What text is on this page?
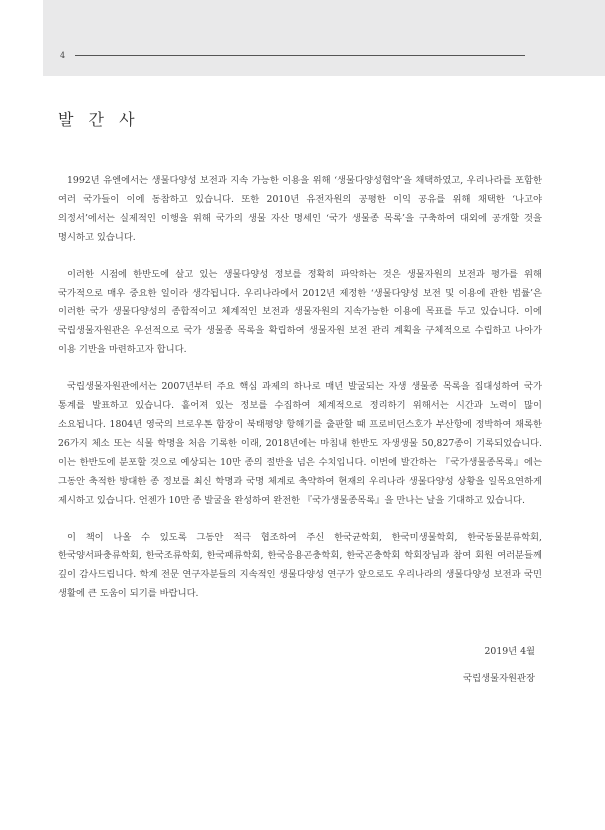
4
발 간 사

1992년 유엔에서는 생물다양성 보전과 지속 가능한 이용을 위해 ‘생물다양성협약’을 채택하였고, 우리나라를 포함한 여러 국가들이 이에 동참하고 있습니다. 또한 2010년 유전자원의 공평한 이익 공유를 위해 채택한 ‘나고야 의정서’에서는 실제적인 이행을 위해 국가의 생물 자산 명세인 ‘국가 생물종 목록’을 구축하여 대외에 공개할 것을 명시하고 있습니다.

이러한 시점에 한반도에 살고 있는 생물다양성 정보를 정확히 파악하는 것은 생물자원의 보전과 평가를 위해 국가적으로 매우 중요한 일이라 생각됩니다. 우리나라에서 2012년 제정한 ‘생물다양성 보전 및 이용에 관한 법률’은 이러한 국가 생물다양성의 종합적이고 체계적인 보전과 생물자원의 지속가능한 이용에 목표를 두고 있습니다. 이에 국립생물자원관은 우선적으로 국가 생물종 목록을 확립하여 생물자원 보전 관리 계획을 구체적으로 수립하고 나아가 이용 기반을 마련하고자 합니다.

국립생물자원관에서는 2007년부터 주요 핵심 과제의 하나로 매년 발굴되는 자생 생물종 목록을 집대성하여 국가 통계를 발표하고 있습니다. 흩어져 있는 정보를 수집하여 체계적으로 정리하기 위해서는 시간과 노력이 많이 소요됩니다. 1804년 영국의 브로우톤 함장이 북태평양 항해기를 출판할 때 프로비던스호가 부산항에 정박하여 채록한 26가지 체소 또는 식물 학명을 처음 기록한 이래, 2018년에는 마침내 한반도 자생생물 50,827종이 기록되었습니다. 이는 한반도에 분포할 것으로 예상되는 10만 종의 절반을 넘은 수치입니다. 이번에 발간하는 『국가생물종목록』에는 그동안 축적한 방대한 종 정보를 최신 학명과 국명 체계로 축약하여 현재의 우리나라 생물다양성 상황을 일목요연하게 제시하고 있습니다. 언젠가 10만 종 발굴을 완성하여 완전한 『국가생물종목록』을 만나는 날을 기대하고 있습니다.

이 책이 나올 수 있도록 그동안 적극 협조하여 주신 한국균학회, 한국미생물학회, 한국동물분류학회, 한국양서파충류학회, 한국조류학회, 한국패류학회, 한국응용곤충학회, 한국곤충학회 학회장님과 참여 회원 여러분들께 깊이 감사드립니다. 학계 전문 연구자분들의 지속적인 생물다양성 연구가 앞으로도 우리나라의 생물다양성 보전과 국민 생활에 큰 도움이 되기를 바랍니다.

2019년 4월
국립생물자원관장
